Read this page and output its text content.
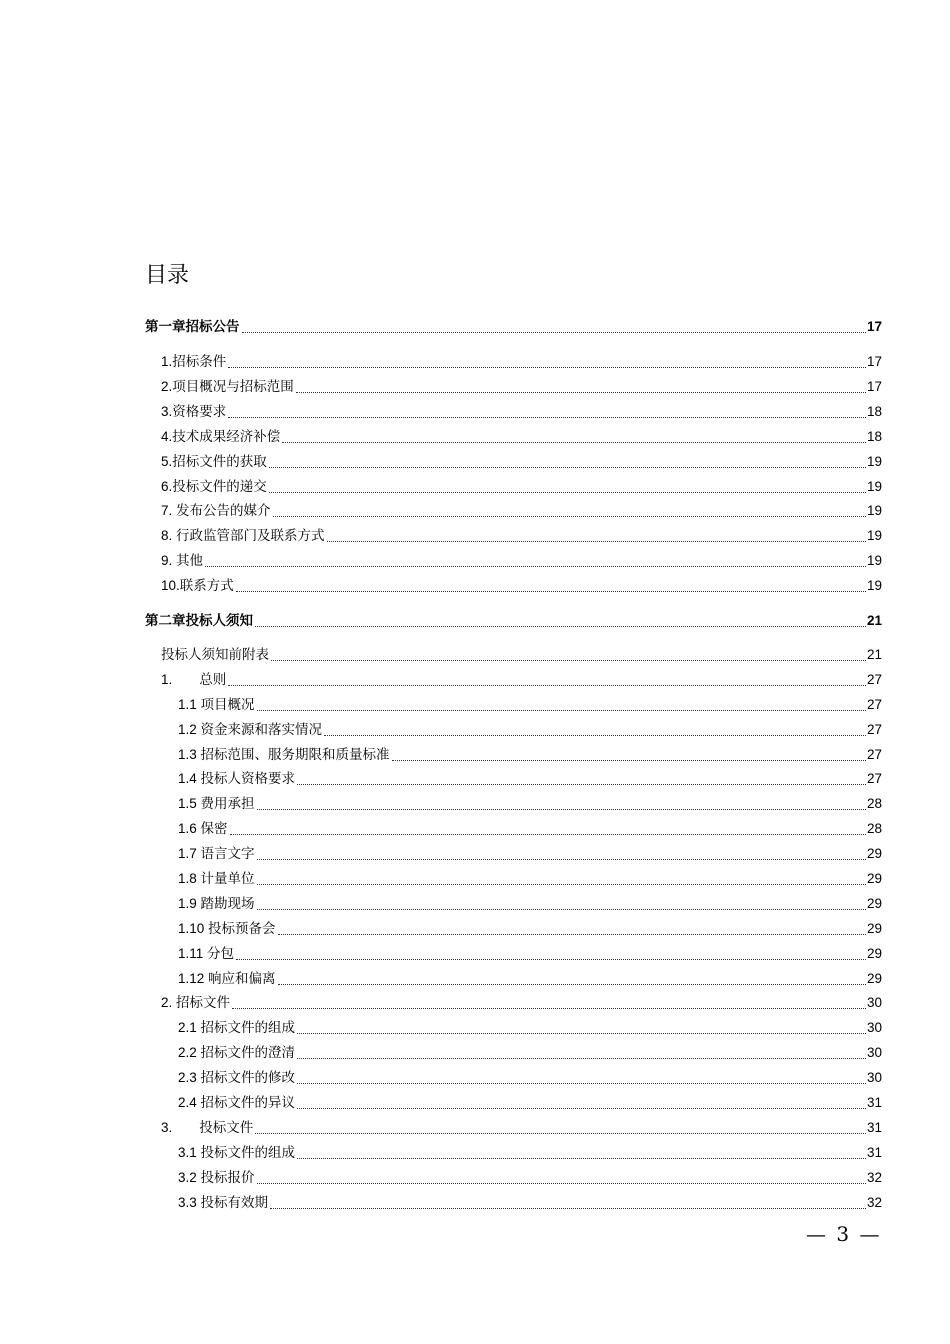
目录
第一章招标公告	17
1.招标条件	17
2.项目概况与招标范围	17
3.资格要求	18
4.技术成果经济补偿	18
5.招标文件的获取	19
6.投标文件的递交	19
7. 发布公告的媒介	19
8. 行政监管部门及联系方式	19
9. 其他	19
10.联系方式	19
第二章投标人须知	21
投标人须知前附表	21
1.　　总则	27
1.1 项目概况	27
1.2 资金来源和落实情况	27
1.3 招标范围、服务期限和质量标准	27
1.4 投标人资格要求	27
1.5 费用承担	28
1.6 保密	28
1.7 语言文字	29
1.8 计量单位	29
1.9 踏勘现场	29
1.10 投标预备会	29
1.11 分包	29
1.12 响应和偏离	29
2. 招标文件	30
2.1 招标文件的组成	30
2.2 招标文件的澄清	30
2.3 招标文件的修改	30
2.4 招标文件的异议	31
3.　　投标文件	31
3.1 投标文件的组成	31
3.2 投标报价	32
3.3 投标有效期	32
— 3 —
